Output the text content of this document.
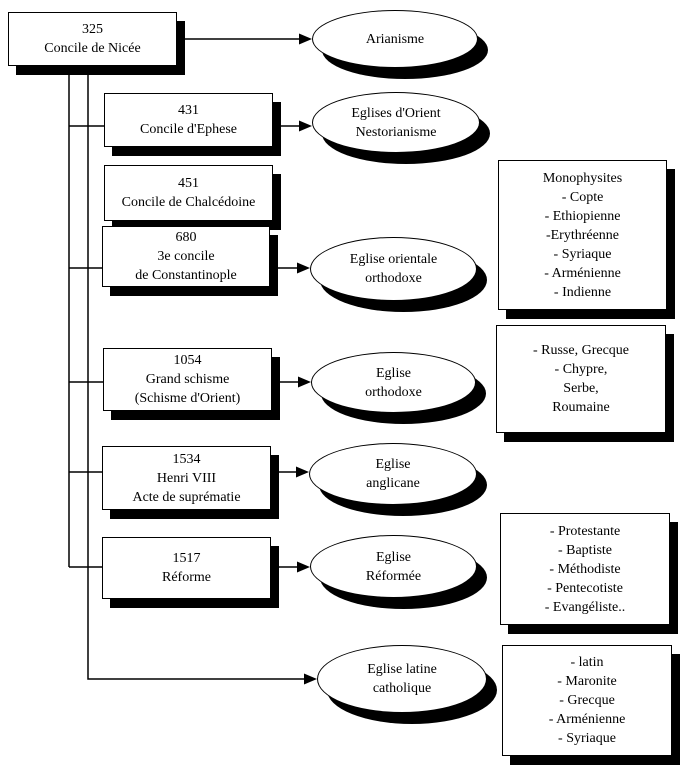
325
Concile de Nicée
431
Concile d'Ephese
451
Concile de Chalcédoine
680
3e concile
de Constantinople
1054
Grand schisme
(Schisme d'Orient)
1534
Henri VIII
Acte de suprématie
1517
Réforme
Arianisme
Eglises d'Orient
Nestorianisme
Eglise orientale
orthodoxe
Eglise
orthodoxe
Eglise
anglicane
Eglise
Réformée
Eglise latine
catholique
Monophysites
- Copte
- Ethiopienne
-Erythréenne
- Syriaque
- Arménienne
- Indienne
- Russe, Grecque
- Chypre,
Serbe,
Roumaine
- Protestante
- Baptiste
- Méthodiste
- Pentecotiste
- Evangéliste..
- latin
- Maronite
- Grecque
- Arménienne
- Syriaque
